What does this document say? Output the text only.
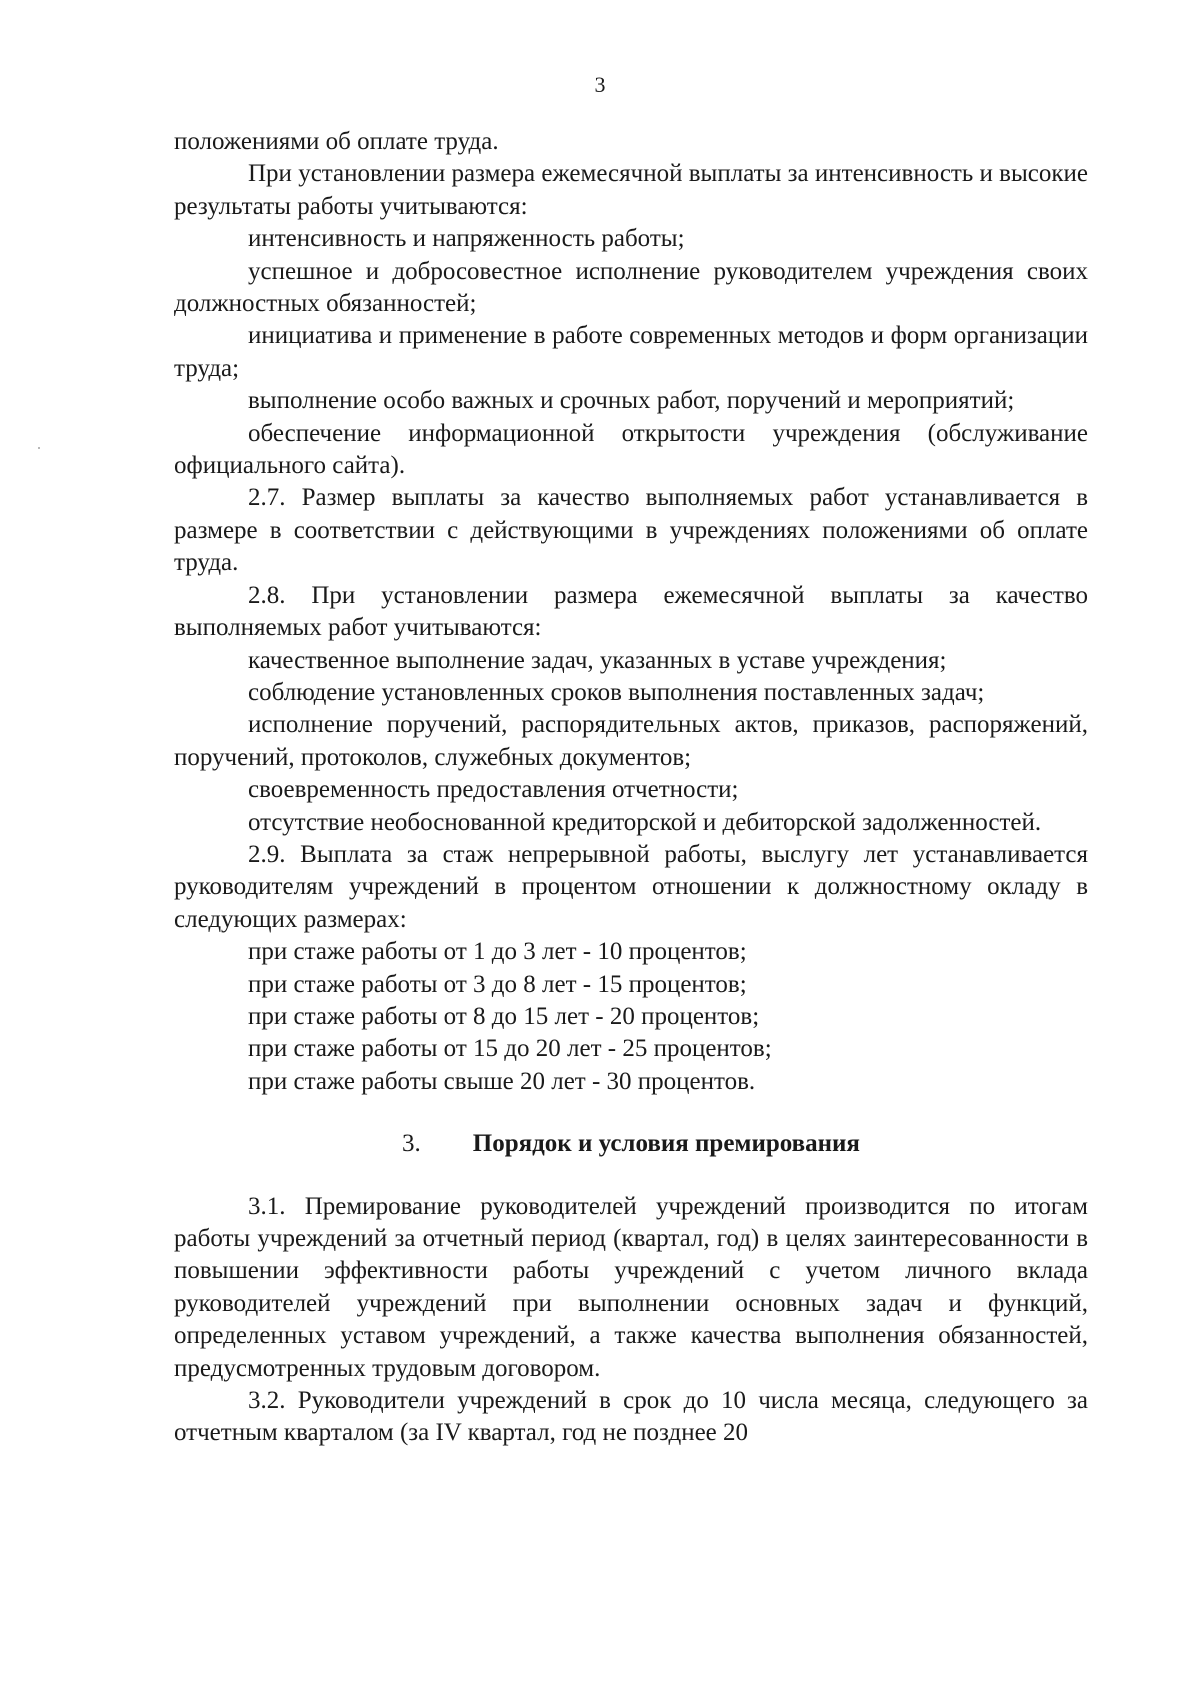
3

положениями об оплате труда.

При установлении размера ежемесячной выплаты за интенсивность и высокие результаты работы учитываются:

интенсивность и напряженность работы;

успешное и добросовестное исполнение руководителем учреждения своих должностных обязанностей;

инициатива и применение в работе современных методов и форм организации труда;

выполнение особо важных и срочных работ, поручений и мероприятий;

обеспечение информационной открытости учреждения (обслуживание официального сайта).

2.7. Размер выплаты за качество выполняемых работ устанавливается в размере в соответствии с действующими в учреждениях положениями об оплате труда.

2.8. При установлении размера ежемесячной выплаты за качество выполняемых работ учитываются:

качественное выполнение задач, указанных в уставе учреждения;

соблюдение установленных сроков выполнения поставленных задач;

исполнение поручений, распорядительных актов, приказов, распоряжений, поручений, протоколов, служебных документов;

своевременность предоставления отчетности;

отсутствие необоснованной кредиторской и дебиторской задолженностей.

2.9. Выплата за стаж непрерывной работы, выслугу лет устанавливается руководителям учреждений в процентом отношении к должностному окладу в следующих размерах:

при стаже работы от 1 до 3 лет - 10 процентов;

при стаже работы от 3 до 8 лет - 15 процентов;

при стаже работы от 8 до 15 лет - 20 процентов;

при стаже работы от 15 до 20 лет - 25 процентов;

при стаже работы свыше 20 лет - 30 процентов.

3. Порядок и условия премирования

3.1. Премирование руководителей учреждений производится по итогам работы учреждений за отчетный период (квартал, год) в целях заинтересованности в повышении эффективности работы учреждений с учетом личного вклада руководителей учреждений при выполнении основных задач и функций, определенных уставом учреждений, а также качества выполнения обязанностей, предусмотренных трудовым договором.

3.2. Руководители учреждений в срок до 10 числа месяца, следующего за отчетным кварталом (за IV квартал, год не позднее 20
